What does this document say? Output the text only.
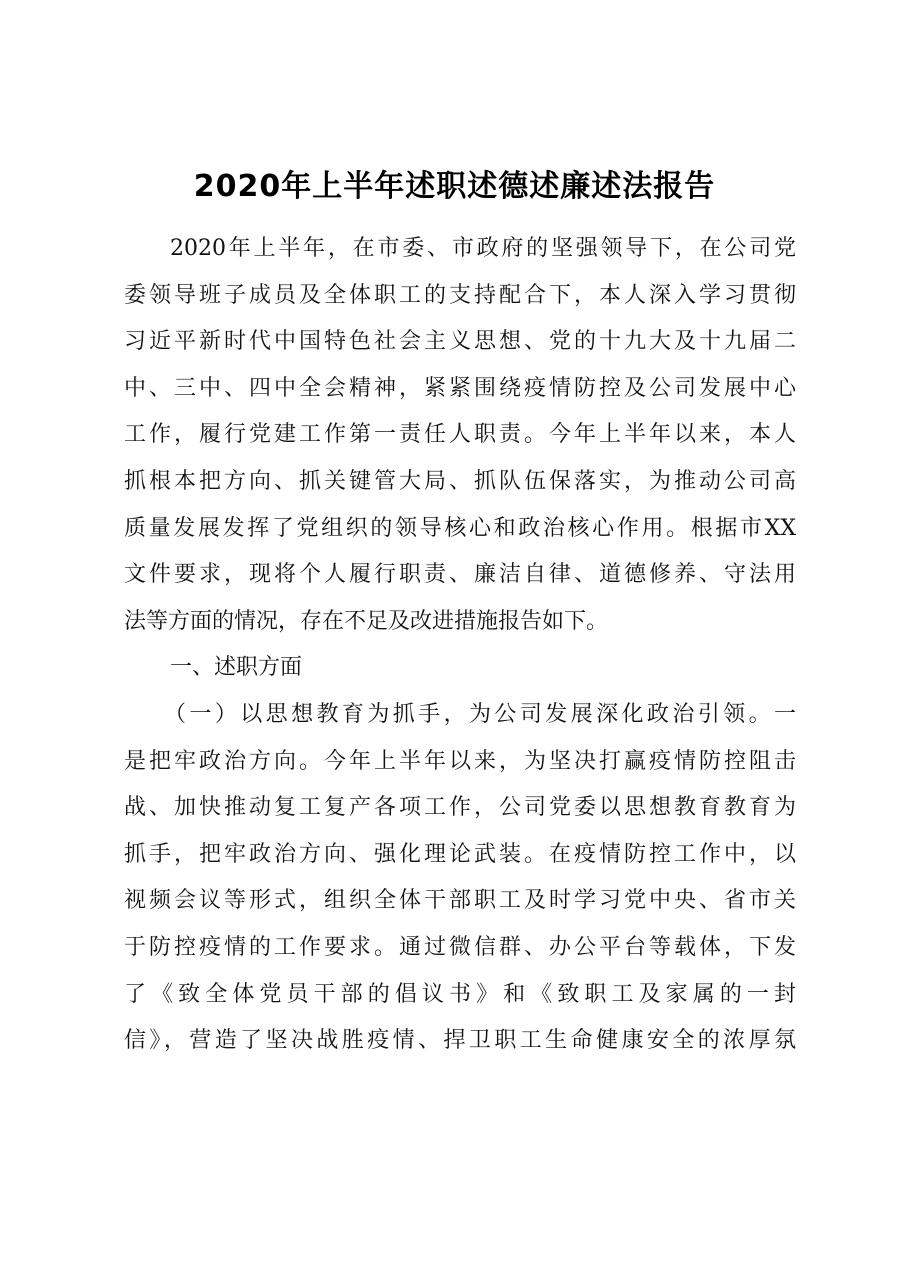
2020年上半年述职述德述廉述法报告
2020年上半年，在市委、市政府的坚强领导下，在公司党
委领导班子成员及全体职工的支持配合下，本人深入学习贯彻
习近平新时代中国特色社会主义思想、党的十九大及十九届二
中、三中、四中全会精神，紧紧围绕疫情防控及公司发展中心
工作，履行党建工作第一责任人职责。今年上半年以来，本人
抓根本把方向、抓关键管大局、抓队伍保落实，为推动公司高
质量发展发挥了党组织的领导核心和政治核心作用。根据市XX
文件要求，现将个人履行职责、廉洁自律、道德修养、守法用
法等方面的情况，存在不足及改进措施报告如下。
一、述职方面
（一）以思想教育为抓手，为公司发展深化政治引领。一
是把牢政治方向。今年上半年以来，为坚决打赢疫情防控阻击
战、加快推动复工复产各项工作，公司党委以思想教育教育为
抓手，把牢政治方向、强化理论武装。在疫情防控工作中，以
视频会议等形式，组织全体干部职工及时学习党中央、省市关
于防控疫情的工作要求。通过微信群、办公平台等载体，下发
了《致全体党员干部的倡议书》和《致职工及家属的一封
信》，营造了坚决战胜疫情、捍卫职工生命健康安全的浓厚氛
